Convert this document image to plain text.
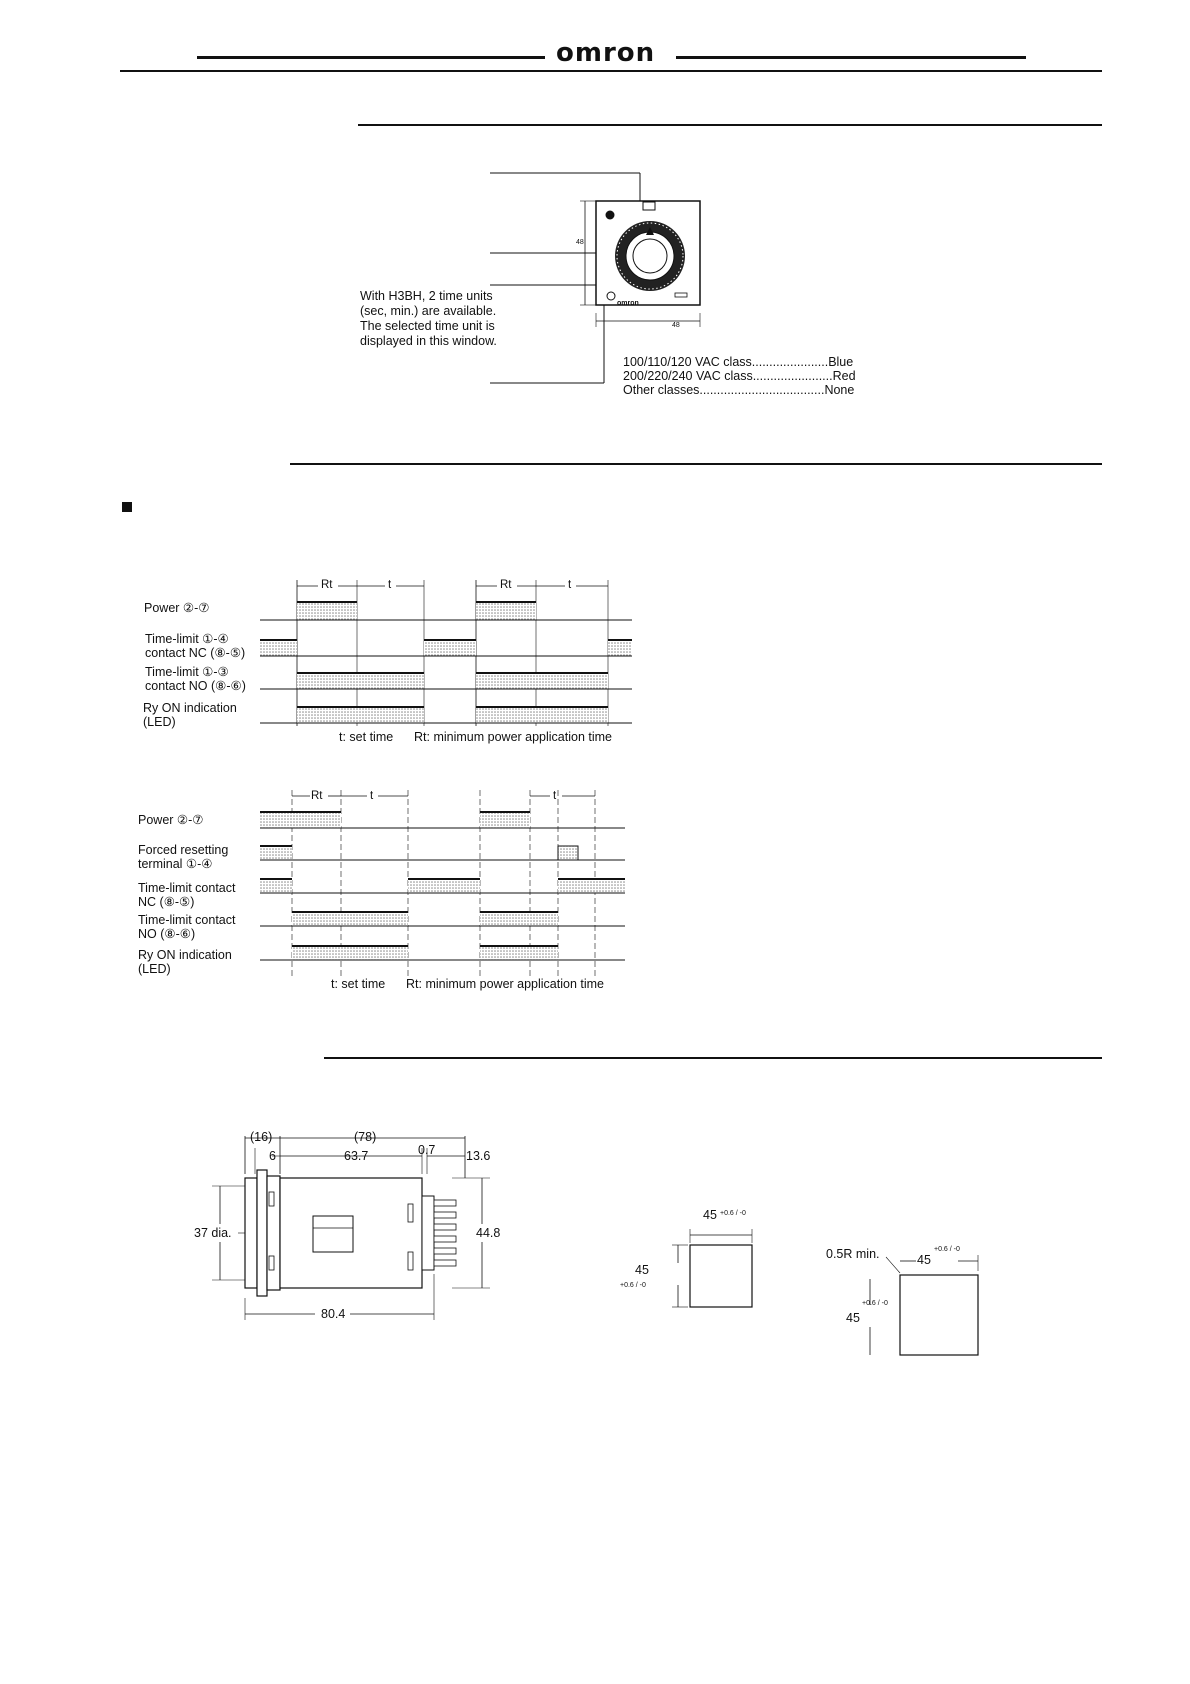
omron
48
48
omron
With H3BH, 2 time units
(sec, min.) are available.
The selected time unit is
displayed in this window.
100/110/120 VAC class......................Blue
200/220/240 VAC class.......................Red
Other classes....................................None
Power ②-⑦
Time-limit ①-④
contact NC (⑧-⑤)
Time-limit ①-③
contact NO (⑧-⑥)
Ry ON indication
(LED)
Rt	t	Rt	t
t: set time      Rt: minimum power application time
Power ②-⑦
Forced resetting
terminal ①-④
Time-limit contact
NC (⑧-⑤)
Time-limit contact
NO (⑧-⑥)
Ry ON indication
(LED)
Rt	t	t
t: set time      Rt: minimum power application time
(16)	(78)
0.7
6	63.7	13.6
37 dia.	44.8
80.4
45 +0.6 / -0
45
+0.6 / -0
0.5R min.	45
+0.6 / -0
45
+0.6 / -0
